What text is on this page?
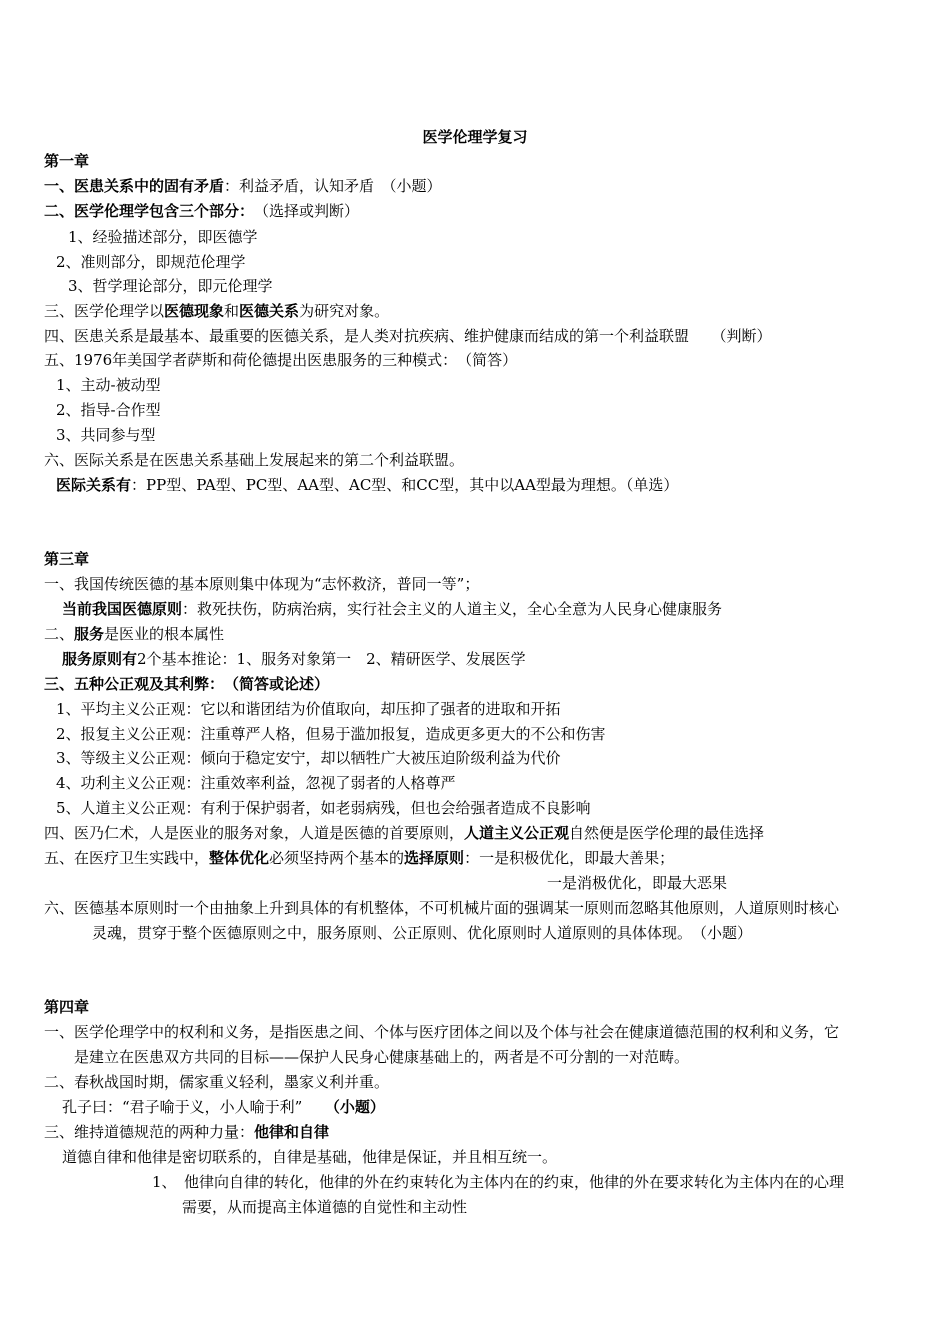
医学伦理学复习
第一章
一、医患关系中的固有矛盾：利益矛盾，认知矛盾　（小题）
二、医学伦理学包含三个部分：　（选择或判断）
1、经验描述部分，即医德学
2、准则部分，即规范伦理学
3、哲学理论部分，即元伦理学
三、医学伦理学以医德现象和医德关系为研究对象。
四、医患关系是最基本、最重要的医德关系，是人类对抗疾病、维护健康而结成的第一个利益联盟　　（判断）
五、1976年美国学者萨斯和荷伦德提出医患服务的三种模式：　（简答）
1、主动-被动型
2、指导-合作型
3、共同参与型
六、医际关系是在医患关系基础上发展起来的第二个利益联盟。
医际关系有：PP型、PA型、PC型、AA型、AC型、和CC型，其中以AA型最为理想。（单选）
第三章
一、我国传统医德的基本原则集中体现为“志怀救济，普同一等”；
当前我国医德原则：救死扶伤，防病治病，实行社会主义的人道主义，全心全意为人民身心健康服务
二、服务是医业的根本属性
服务原则有2个基本推论：1、服务对象第一　2、精研医学、发展医学
三、五种公正观及其利弊：　（简答或论述）
1、平均主义公正观：它以和谐团结为价值取向，却压抑了强者的进取和开拓
2、报复主义公正观：注重尊严人格，但易于滥加报复，造成更多更大的不公和伤害
3、等级主义公正观：倾向于稳定安宁，却以牺牲广大被压迫阶级利益为代价
4、功利主义公正观：注重效率利益，忽视了弱者的人格尊严
5、人道主义公正观：有利于保护弱者，如老弱病残，但也会给强者造成不良影响
四、医乃仁术，人是医业的服务对象，人道是医德的首要原则，人道主义公正观自然便是医学伦理的最佳选择
五、在医疗卫生实践中，整体优化必须坚持两个基本的选择原则：一是积极优化，即最大善果；
一是消极优化，即最大恶果
六、医德基本原则时一个由抽象上升到具体的有机整体，不可机械片面的强调某一原则而忽略其他原则，人道原则时核心
灵魂，贯穿于整个医德原则之中，服务原则、公正原则、优化原则时人道原则的具体体现。　（小题）
第四章
一、医学伦理学中的权利和义务，是指医患之间、个体与医疗团体之间以及个体与社会在健康道德范围的权利和义务，它
是建立在医患双方共同的目标——保护人民身心健康基础上的，两者是不可分割的一对范畴。
二、春秋战国时期，儒家重义轻利，墨家义利并重。
孔子曰：“君子喻于义，小人喻于利”　　（小题）
三、维持道德规范的两种力量：他律和自律
道德自律和他律是密切联系的，自律是基础，他律是保证，并且相互统一。
1、　他律向自律的转化，他律的外在约束转化为主体内在的约束，他律的外在要求转化为主体内在的心理
需要，从而提高主体道德的自觉性和主动性
